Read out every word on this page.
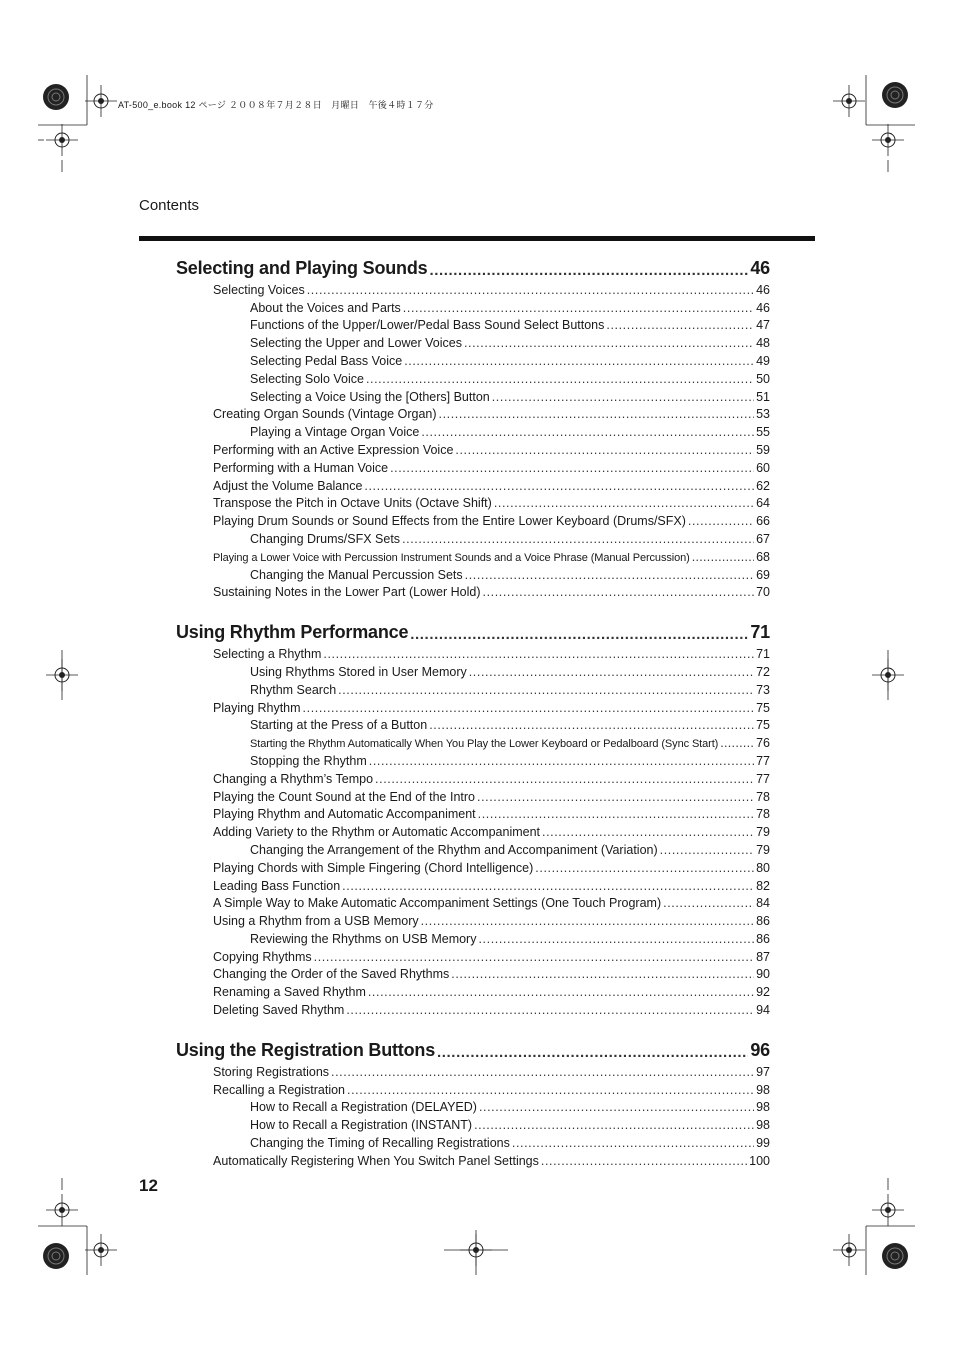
AT-500_e.book 12 ページ ２００８年７月２８日　月曜日　午後４時１７分
Contents
Selecting and Playing Sounds .....	46
Selecting Voices .....	46
About the Voices and Parts .....	46
Functions of the Upper/Lower/Pedal Bass Sound Select Buttons .....	47
Selecting the Upper and Lower Voices .....	48
Selecting Pedal Bass Voice .....	49
Selecting Solo Voice .....	50
Selecting a Voice Using the [Others] Button .....	51
Creating Organ Sounds (Vintage Organ) .....	53
Playing a Vintage Organ Voice .....	55
Performing with an Active Expression Voice .....	59
Performing with a Human Voice .....	60
Adjust the Volume Balance .....	62
Transpose the Pitch in Octave Units (Octave Shift) .....	64
Playing Drum Sounds or Sound Effects from the Entire Lower Keyboard (Drums/SFX) .....	66
Changing Drums/SFX Sets .....	67
Playing a Lower Voice with Percussion Instrument Sounds and a Voice Phrase (Manual Percussion) .....	68
Changing the Manual Percussion Sets .....	69
Sustaining Notes in the Lower Part (Lower Hold) .....	70
Using Rhythm Performance .....	71
Selecting a Rhythm .....	71
Using Rhythms Stored in User Memory .....	72
Rhythm Search .....	73
Playing Rhythm .....	75
Starting at the Press of a Button .....	75
Starting the Rhythm Automatically When You Play the Lower Keyboard or Pedalboard (Sync Start) .....	76
Stopping the Rhythm .....	77
Changing a Rhythm’s Tempo .....	77
Playing the Count Sound at the End of the Intro .....	78
Playing Rhythm and Automatic Accompaniment .....	78
Adding Variety to the Rhythm or Automatic Accompaniment .....	79
Changing the Arrangement of the Rhythm and Accompaniment (Variation) .....	79
Playing Chords with Simple Fingering (Chord Intelligence) .....	80
Leading Bass Function .....	82
A Simple Way to Make Automatic Accompaniment Settings (One Touch Program) .....	84
Using a Rhythm from a USB Memory .....	86
Reviewing the Rhythms on USB Memory .....	86
Copying Rhythms .....	87
Changing the Order of the Saved Rhythms .....	90
Renaming a Saved Rhythm .....	92
Deleting Saved Rhythm .....	94
Using the Registration Buttons .....	96
Storing Registrations .....	97
Recalling a Registration .....	98
How to Recall a Registration (DELAYED) .....	98
How to Recall a Registration (INSTANT) .....	98
Changing the Timing of Recalling Registrations .....	99
Automatically Registering When You Switch Panel Settings .....	100
12
